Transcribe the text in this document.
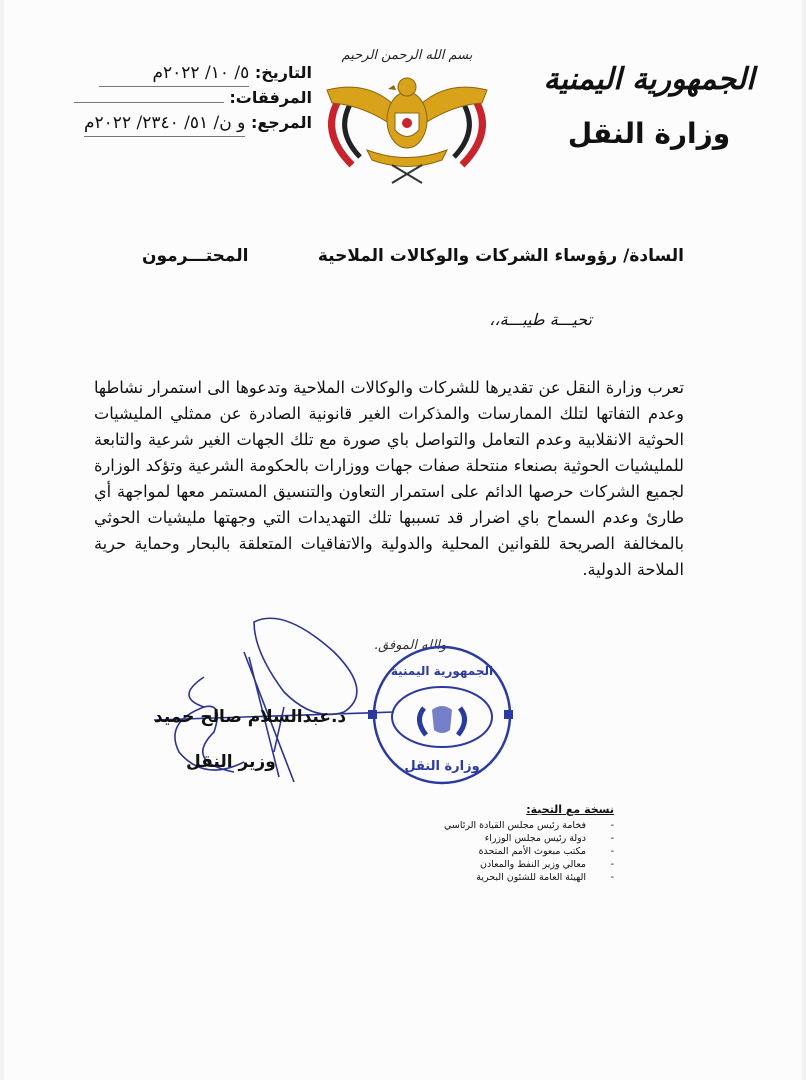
الجمهورية اليمنية
وزارة النقل
بسم الله الرحمن الرحيم
التاريخ: ٥/ ١٠/ ٢٠٢٢م
المرفقات:
المرجع: و ن/ ٥١/ ٢٣٤٠/ ٢٠٢٢م
السادة/ رؤوساء الشركات والوكالات الملاحية
المحتـــرمون
تحيـــة طيبـــة،،

تعرب وزارة النقل عن تقديرها للشركات والوكالات الملاحية وتدعوها الى استمرار نشاطها وعدم التفاتها لتلك الممارسات والمذكرات الغير قانونية الصادرة عن ممثلي المليشيات الحوثية الانقلابية وعدم التعامل والتواصل باي صورة مع تلك الجهات الغير شرعية والتابعة للمليشيات الحوثية بصنعاء منتحلة صفات جهات ووزارات بالحكومة الشرعية وتؤكد الوزارة لجميع الشركات حرصها الدائم على استمرار التعاون والتنسيق المستمر معها لمواجهة أي طارئ وعدم السماح باي اضرار قد تسببها تلك التهديدات التي وجهتها مليشيات الحوثي بالمخالفة الصريحة للقوانين المحلية والدولية والاتفاقيات المتعلقة بالبحار وحماية حرية الملاحة الدولية.

والله الموفق.
الجمهورية اليمنية
وزارة النقل
د.عبدالسلام صالح حميد
وزير النقل
نسخة مع التحية:
-
فخامة رئيس مجلس القيادة الرئاسي
-
دولة رئيس مجلس الوزراء
-
مكتب مبعوث الأمم المتحدة
-
معالي وزير النفط والمعادن
-
الهيئة العامة للشئون البحرية
